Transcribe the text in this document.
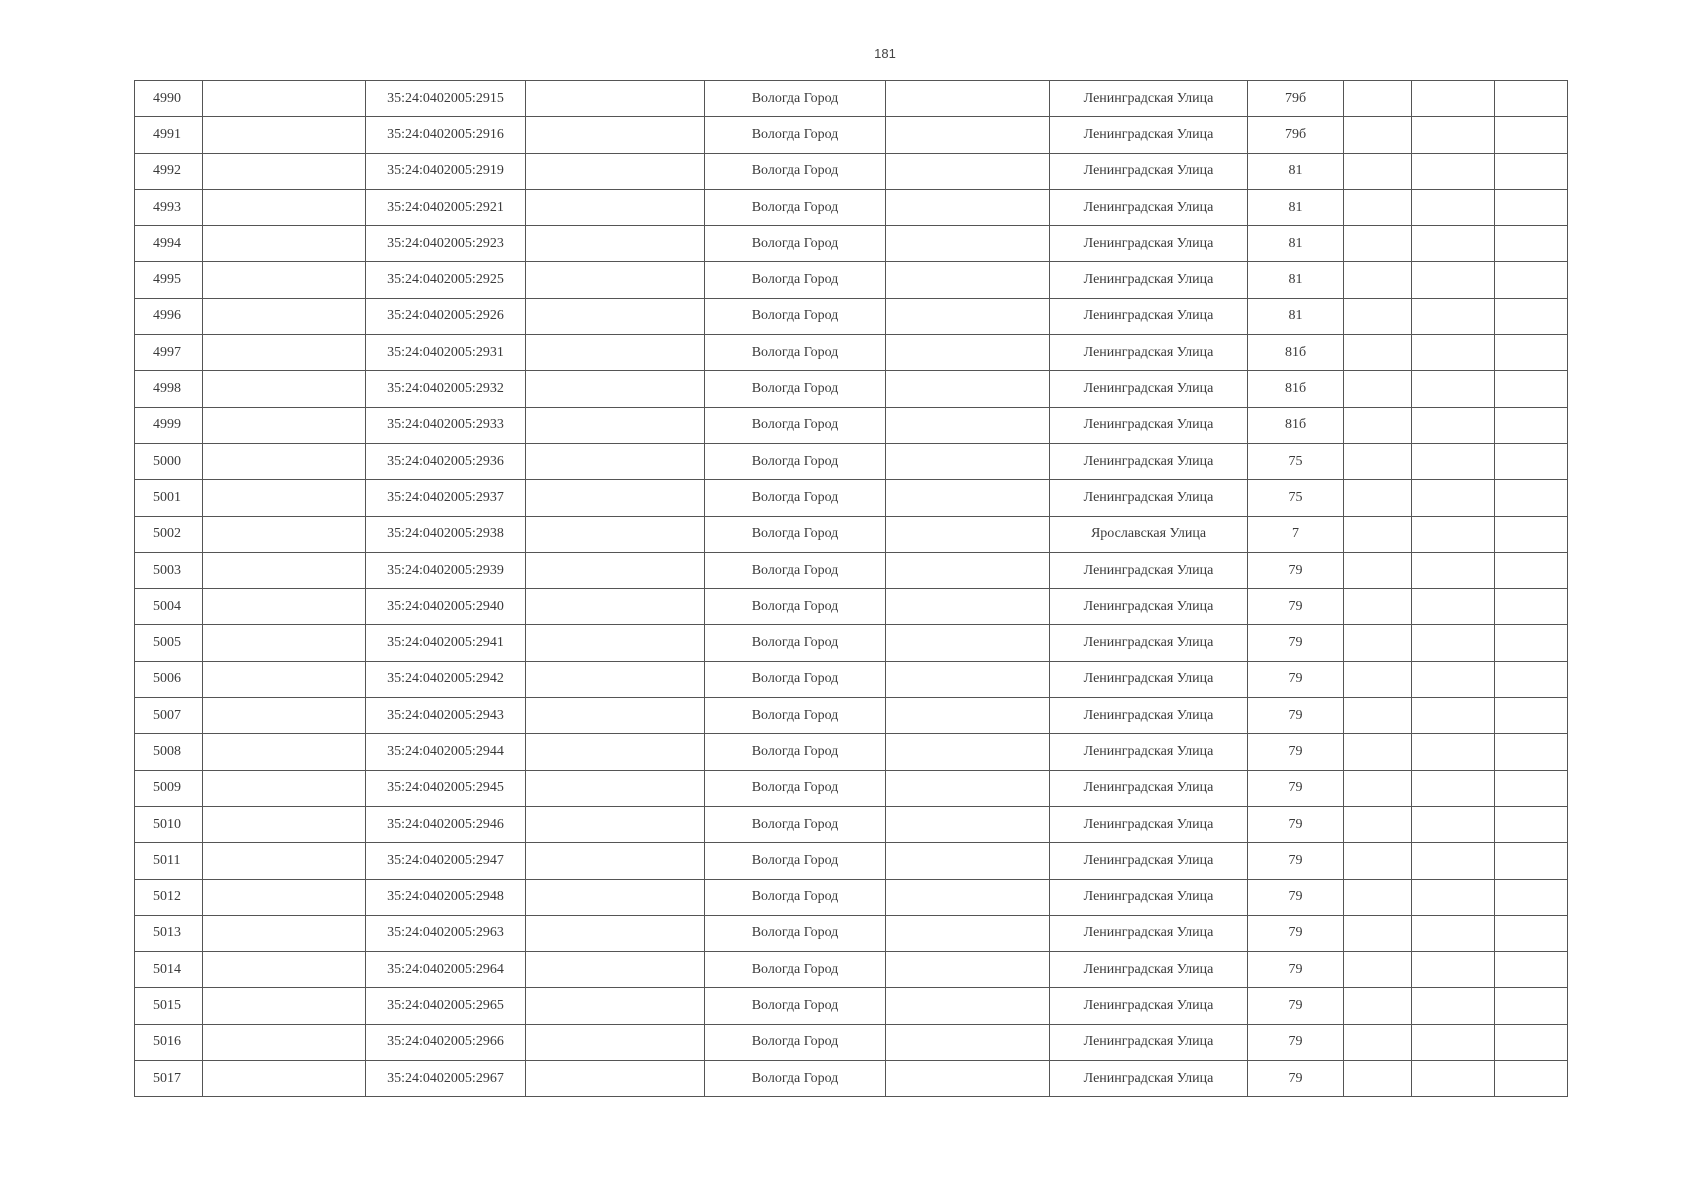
181
4990		35:24:0402005:2915		Вологда Город		Ленинградская Улица	79б			
4991		35:24:0402005:2916		Вологда Город		Ленинградская Улица	79б			
4992		35:24:0402005:2919		Вологда Город		Ленинградская Улица	81			
4993		35:24:0402005:2921		Вологда Город		Ленинградская Улица	81			
4994		35:24:0402005:2923		Вологда Город		Ленинградская Улица	81			
4995		35:24:0402005:2925		Вологда Город		Ленинградская Улица	81			
4996		35:24:0402005:2926		Вологда Город		Ленинградская Улица	81			
4997		35:24:0402005:2931		Вологда Город		Ленинградская Улица	81б			
4998		35:24:0402005:2932		Вологда Город		Ленинградская Улица	81б			
4999		35:24:0402005:2933		Вологда Город		Ленинградская Улица	81б			
5000		35:24:0402005:2936		Вологда Город		Ленинградская Улица	75			
5001		35:24:0402005:2937		Вологда Город		Ленинградская Улица	75			
5002		35:24:0402005:2938		Вологда Город		Ярославская Улица	7			
5003		35:24:0402005:2939		Вологда Город		Ленинградская Улица	79			
5004		35:24:0402005:2940		Вологда Город		Ленинградская Улица	79			
5005		35:24:0402005:2941		Вологда Город		Ленинградская Улица	79			
5006		35:24:0402005:2942		Вологда Город		Ленинградская Улица	79			
5007		35:24:0402005:2943		Вологда Город		Ленинградская Улица	79			
5008		35:24:0402005:2944		Вологда Город		Ленинградская Улица	79			
5009		35:24:0402005:2945		Вологда Город		Ленинградская Улица	79			
5010		35:24:0402005:2946		Вологда Город		Ленинградская Улица	79			
5011		35:24:0402005:2947		Вологда Город		Ленинградская Улица	79			
5012		35:24:0402005:2948		Вологда Город		Ленинградская Улица	79			
5013		35:24:0402005:2963		Вологда Город		Ленинградская Улица	79			
5014		35:24:0402005:2964		Вологда Город		Ленинградская Улица	79			
5015		35:24:0402005:2965		Вологда Город		Ленинградская Улица	79			
5016		35:24:0402005:2966		Вологда Город		Ленинградская Улица	79			
5017		35:24:0402005:2967		Вологда Город		Ленинградская Улица	79			
